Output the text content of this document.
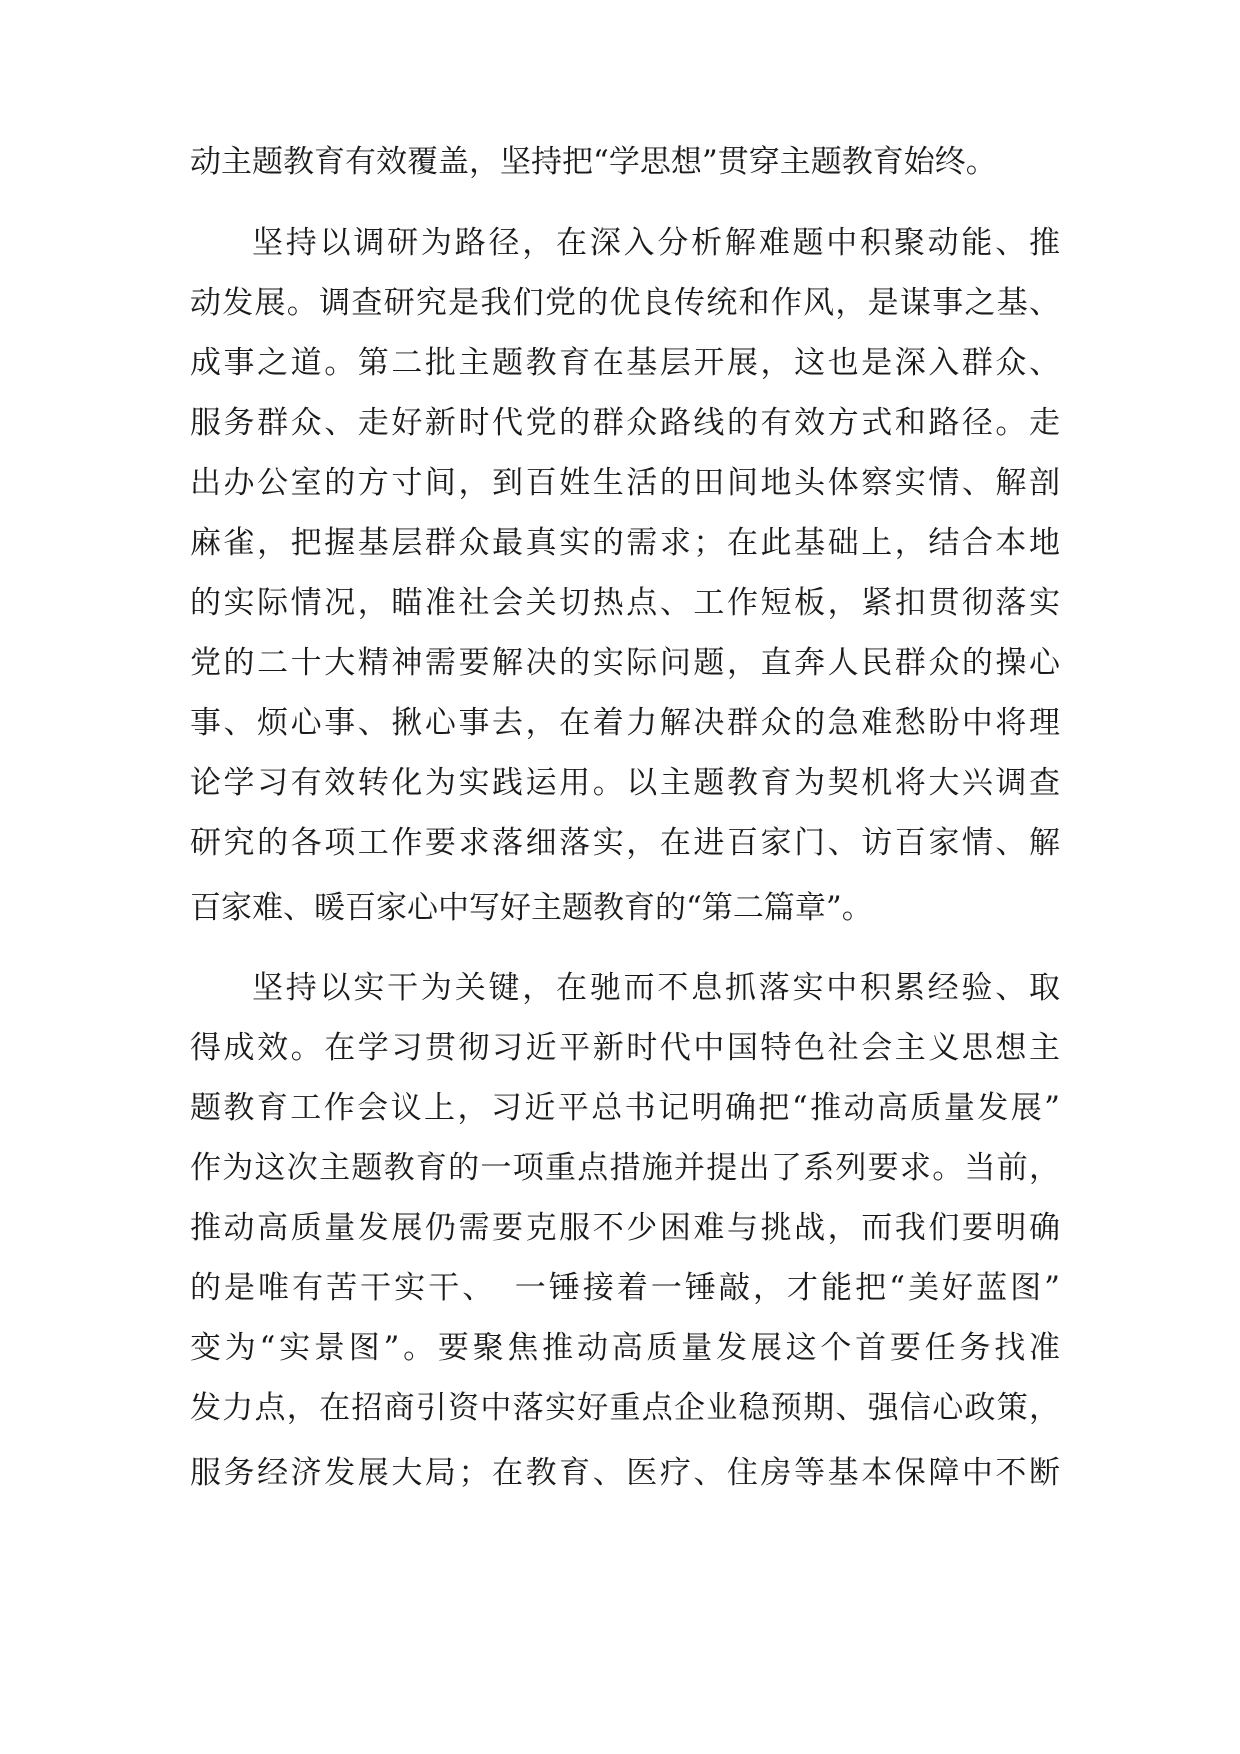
动主题教育有效覆盖，坚持把“学思想”贯穿主题教育始终。
坚持以调研为路径，在深入分析解难题中积聚动能、推
动发展。调查研究是我们党的优良传统和作风，是谋事之基、
成事之道。第二批主题教育在基层开展，这也是深入群众、
服务群众、走好新时代党的群众路线的有效方式和路径。走
出办公室的方寸间，到百姓生活的田间地头体察实情、解剖
麻雀，把握基层群众最真实的需求；在此基础上，结合本地
的实际情况，瞄准社会关切热点、工作短板，紧扣贯彻落实
党的二十大精神需要解决的实际问题，直奔人民群众的操心
事、烦心事、揪心事去，在着力解决群众的急难愁盼中将理
论学习有效转化为实践运用。以主题教育为契机将大兴调查
研究的各项工作要求落细落实，在进百家门、访百家情、解
百家难、暖百家心中写好主题教育的“第二篇章”。
坚持以实干为关键，在驰而不息抓落实中积累经验、取
得成效。在学习贯彻习近平新时代中国特色社会主义思想主
题教育工作会议上，习近平总书记明确把“推动高质量发展”
作为这次主题教育的一项重点措施并提出了系列要求。当前，
推动高质量发展仍需要克服不少困难与挑战，而我们要明确
的是唯有苦干实干、　一锤接着一锤敲，才能把“美好蓝图”
变为“实景图”。要聚焦推动高质量发展这个首要任务找准
发力点，在招商引资中落实好重点企业稳预期、强信心政策，
服务经济发展大局；在教育、医疗、住房等基本保障中不断
